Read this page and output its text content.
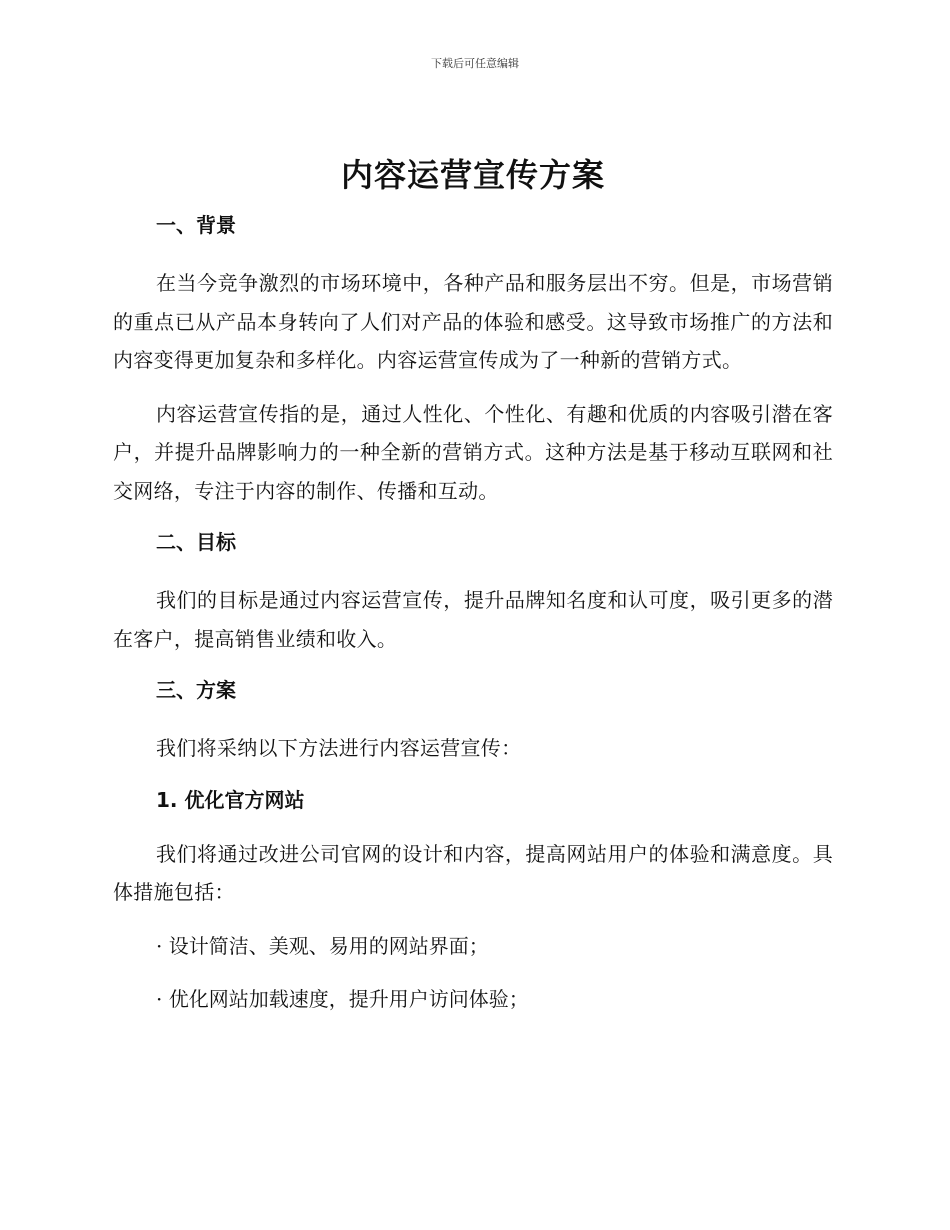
下载后可任意编辑
内容运营宣传方案
一、背景

在当今竞争激烈的市场环境中，各种产品和服务层出不穷。但是，市场营销的重点已从产品本身转向了人们对产品的体验和感受。这导致市场推广的方法和内容变得更加复杂和多样化。内容运营宣传成为了一种新的营销方式。

内容运营宣传指的是，通过人性化、个性化、有趣和优质的内容吸引潜在客户，并提升品牌影响力的一种全新的营销方式。这种方法是基于移动互联网和社交网络，专注于内容的制作、传播和互动。

二、目标

我们的目标是通过内容运营宣传，提升品牌知名度和认可度，吸引更多的潜在客户，提高销售业绩和收入。

三、方案

我们将采纳以下方法进行内容运营宣传：

1. 优化官方网站

我们将通过改进公司官网的设计和内容，提高网站用户的体验和满意度。具体措施包括：

· 设计简洁、美观、易用的网站界面；
· 优化网站加载速度，提升用户访问体验；
